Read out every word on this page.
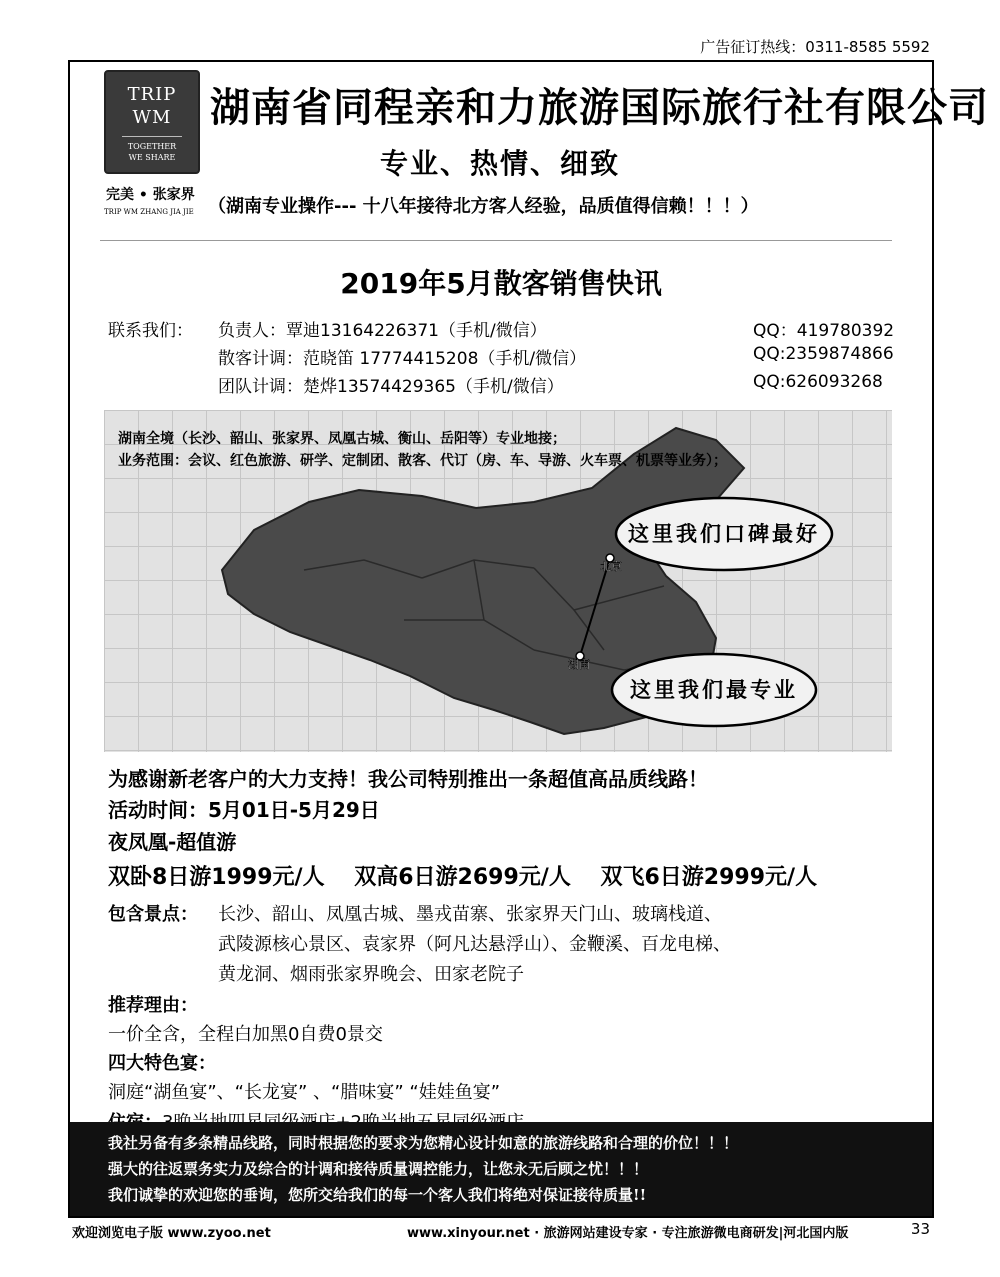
广告征订热线：0311-8585 5592
TRIP
WM
TOGETHER
WE SHARE
完美 • 张家界
TRIP WM ZHANG JIA JIE
湖南省同程亲和力旅游国际旅行社有限公司
专业、热情、细致
（湖南专业操作--- 十八年接待北方客人经验，品质值得信赖！！！）
2019年5月散客销售快讯
联系我们：	负责人：覃迪13164226371（手机/微信）	QQ：419780392
散客计调：范晓笛 17774415208（手机/微信）	QQ:2359874866
团队计调：楚烨13574429365（手机/微信）	QQ:626093268
这里我们口碑最好
这里我们最专业
北京
湖南
湖南全境（长沙、韶山、张家界、凤凰古城、衡山、岳阳等）专业地接；
业务范围：会议、红色旅游、研学、定制团、散客、代订（房、车、导游、火车票、机票等业务）；
为感谢新老客户的大力支持！我公司特别推出一条超值高品质线路！
活动时间：5月01日-5月29日
夜凤凰-超值游
双卧8日游1999元/人 双高6日游2699元/人 双飞6日游2999元/人
包含景点： 长沙、韶山、凤凰古城、墨戎苗寨、张家界天门山、玻璃栈道、
武陵源核心景区、袁家界（阿凡达悬浮山）、金鞭溪、百龙电梯、
黄龙洞、烟雨张家界晚会、田家老院子
推荐理由：
一价全含，全程白加黑0自费0景交
四大特色宴：
洞庭“湖鱼宴”、“长龙宴” 、“腊味宴” “娃娃鱼宴”
我社另备有多条精品线路，同时根据您的要求为您精心设计如意的旅游线路和合理的价位！！！
强大的往返票务实力及综合的计调和接待质量调控能力，让您永无后顾之忧！！！
我们诚挚的欢迎您的垂询，您所交给我们的每一个客人我们将绝对保证接待质量!!
欢迎浏览电子版 www.zyoo.net	www.xinyour.net · 旅游网站建设专家 · 专注旅游微电商研发|河北国内版	33
